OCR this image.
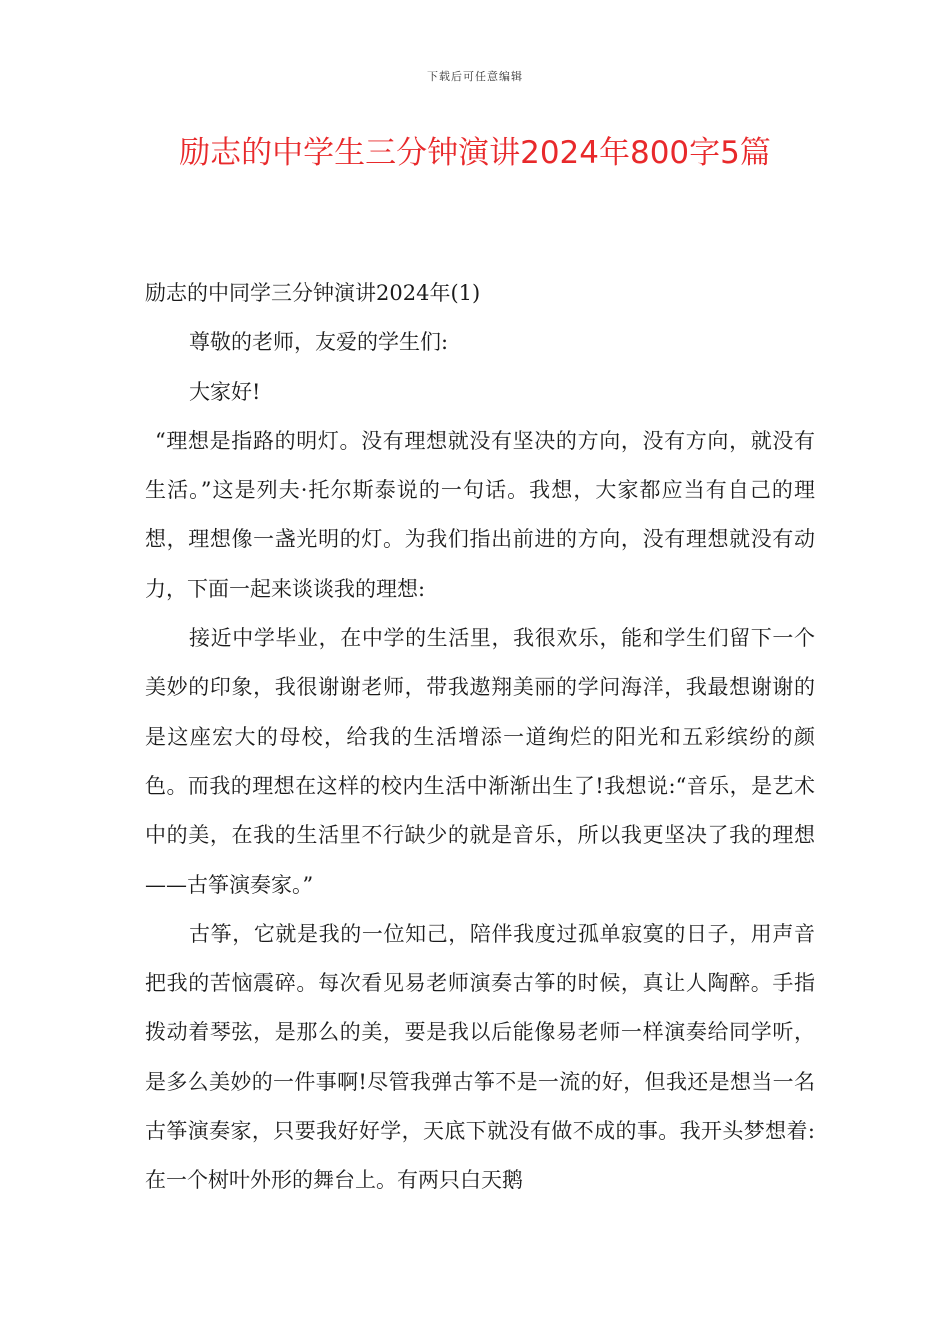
下载后可任意编辑
励志的中学生三分钟演讲2024年800字5篇

励志的中同学三分钟演讲2024年(1)

尊敬的老师，友爱的学生们:

大家好!

“理想是指路的明灯。没有理想就没有坚决的方向，没有方向，就没有生活。”这是列夫·托尔斯泰说的一句话。我想，大家都应当有自己的理想，理想像一盏光明的灯。为我们指出前进的方向，没有理想就没有动力，下面一起来谈谈我的理想:

接近中学毕业，在中学的生活里，我很欢乐，能和学生们留下一个美妙的印象，我很谢谢老师，带我遨翔美丽的学问海洋，我最想谢谢的是这座宏大的母校，给我的生活增添一道绚烂的阳光和五彩缤纷的颜色。而我的理想在这样的校内生活中渐渐出生了!我想说:“音乐，是艺术中的美，在我的生活里不行缺少的就是音乐，所以我更坚决了我的理想——古筝演奏家。”

古筝，它就是我的一位知己，陪伴我度过孤单寂寞的日子，用声音把我的苦恼震碎。每次看见易老师演奏古筝的时候，真让人陶醉。手指拨动着琴弦，是那么的美，要是我以后能像易老师一样演奏给同学听，是多么美妙的一件事啊!尽管我弹古筝不是一流的好，但我还是想当一名古筝演奏家，只要我好好学，天底下就没有做不成的事。我开头梦想着:在一个树叶外形的舞台上。有两只白天鹅
